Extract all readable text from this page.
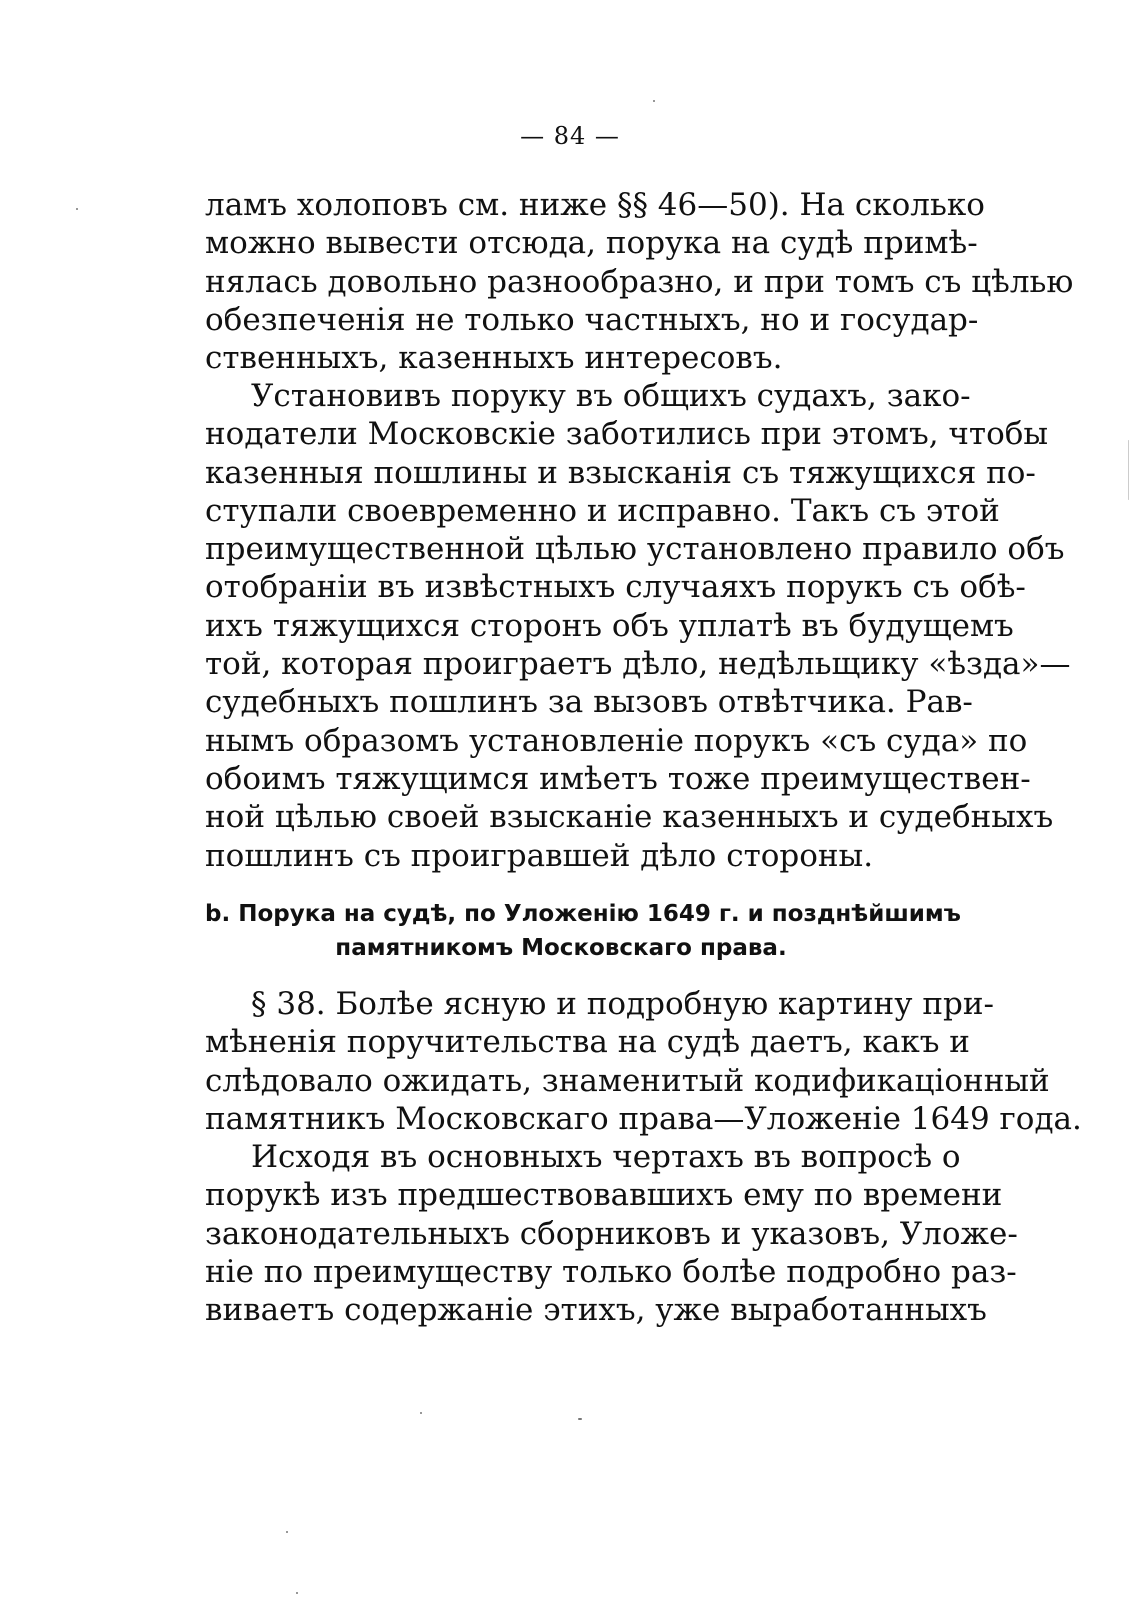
— 84 —
ламъ холоповъ см. ниже §§ 46—50). На сколько
можно вывести отсюда, порука на судѣ примѣ-
нялась довольно разнообразно, и при томъ съ цѣлью
обезпеченія не только частныхъ, но и государ-
ственныхъ, казенныхъ интересовъ.
Установивъ поруку въ общихъ судахъ, зако-
нодатели Московскіе заботились при этомъ, чтобы
казенныя пошлины и взысканія съ тяжущихся по-
ступали своевременно и исправно. Такъ съ этой
преимущественной цѣлью установлено правило объ
отобраніи въ извѣстныхъ случаяхъ порукъ съ обѣ-
ихъ тяжущихся сторонъ объ уплатѣ въ будущемъ
той, которая проиграетъ дѣло, недѣльщику «ѣзда»—
судебныхъ пошлинъ за вызовъ отвѣтчика. Рав-
нымъ образомъ установленіе порукъ «съ суда» по
обоимъ тяжущимся имѣетъ тоже преимуществен-
ной цѣлью своей взысканіе казенныхъ и судебныхъ
пошлинъ съ проигравшей дѣло стороны.
b. Порука на судѣ, по Уложенію 1649 г. и позднѣйшимъ
памятникомъ Московскаго права.
§ 38. Болѣе ясную и подробную картину при-
мѣненія поручительства на судѣ даетъ, какъ и
слѣдовало ожидать, знаменитый кодификаціонный
памятникъ Московскаго права—Уложеніе 1649 года.
Исходя въ основныхъ чертахъ въ вопросѣ о
порукѣ изъ предшествовавшихъ ему по времени
законодательныхъ сборниковъ и указовъ, Уложе-
ніе по преимуществу только болѣе подробно раз-
виваетъ содержаніе этихъ, уже выработанныхъ
